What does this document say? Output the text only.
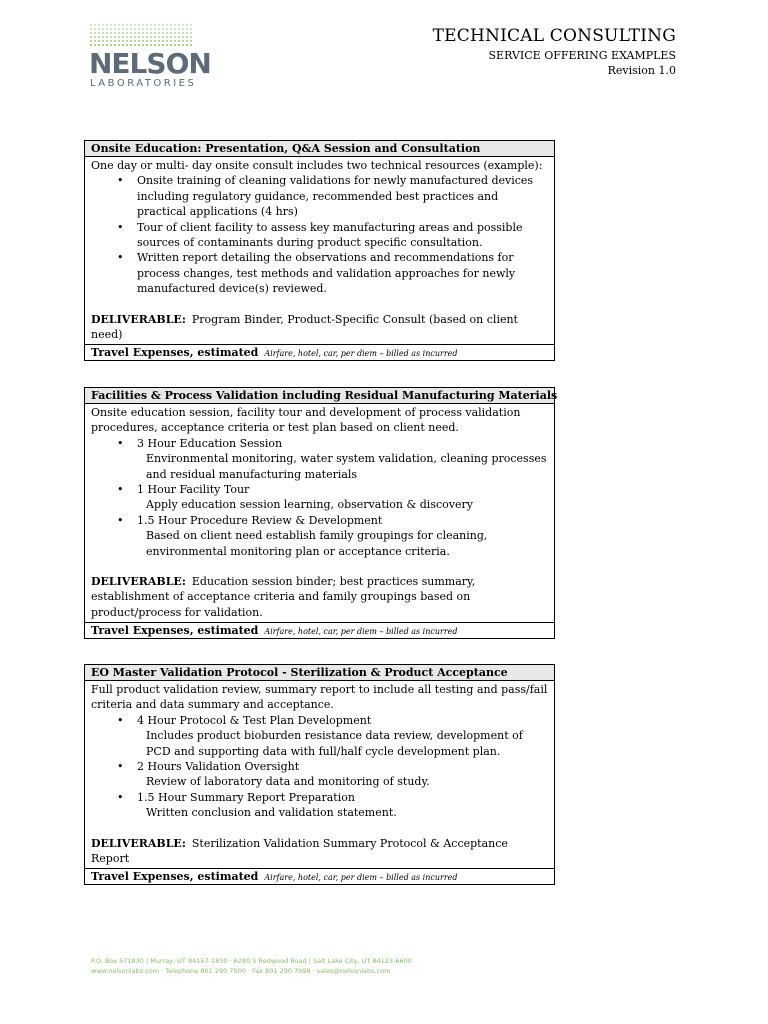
NELSON
LABORATORIES
TECHNICAL CONSULTING
SERVICE OFFERING EXAMPLES
Revision 1.0
Onsite Education: Presentation, Q&A Session and Consultation

One day or multi- day onsite consult includes two technical resources (example):

• Onsite training of cleaning validations for newly manufactured devices including regulatory guidance, recommended best practices and practical applications (4 hrs)
• Tour of client facility to assess key manufacturing areas and possible sources of contaminants during product specific consultation.
• Written report detailing the observations and recommendations for process changes, test methods and validation approaches for newly manufactured device(s) reviewed.
DELIVERABLE: Program Binder, Product-Specific Consult (based on client need)
Travel Expenses, estimated Airfare, hotel, car, per diem – billed as incurred
Facilities & Process Validation including Residual Manufacturing Materials

Onsite education session, facility tour and development of process validation procedures, acceptance criteria or test plan based on client need.

• 3 Hour Education Session
Environmental monitoring, water system validation, cleaning processes and residual manufacturing materials
• 1 Hour Facility Tour
Apply education session learning, observation & discovery
• 1.5 Hour Procedure Review & Development
Based on client need establish family groupings for cleaning, environmental monitoring plan or acceptance criteria.
DELIVERABLE: Education session binder; best practices summary, establishment of acceptance criteria and family groupings based on product/process for validation.
Travel Expenses, estimated Airfare, hotel, car, per diem – billed as incurred
EO Master Validation Protocol - Sterilization & Product Acceptance

Full product validation review, summary report to include all testing and pass/fail criteria and data summary and acceptance.

• 4 Hour Protocol & Test Plan Development
Includes product bioburden resistance data review, development of PCD and supporting data with full/half cycle development plan.
• 2 Hours Validation Oversight
Review of laboratory data and monitoring of study.
• 1.5 Hour Summary Report Preparation
Written conclusion and validation statement.
DELIVERABLE: Sterilization Validation Summary Protocol & Acceptance Report
Travel Expenses, estimated Airfare, hotel, car, per diem – billed as incurred
P.O. Box 571830 | Murray, UT 84157-1830 · 6280 S Redwood Road | Salt Lake City, UT 84123-6600
www.nelsonlabs.com · Telephone 801 290 7500 · Fax 801 290 7998 · sales@nelsonlabs.com
